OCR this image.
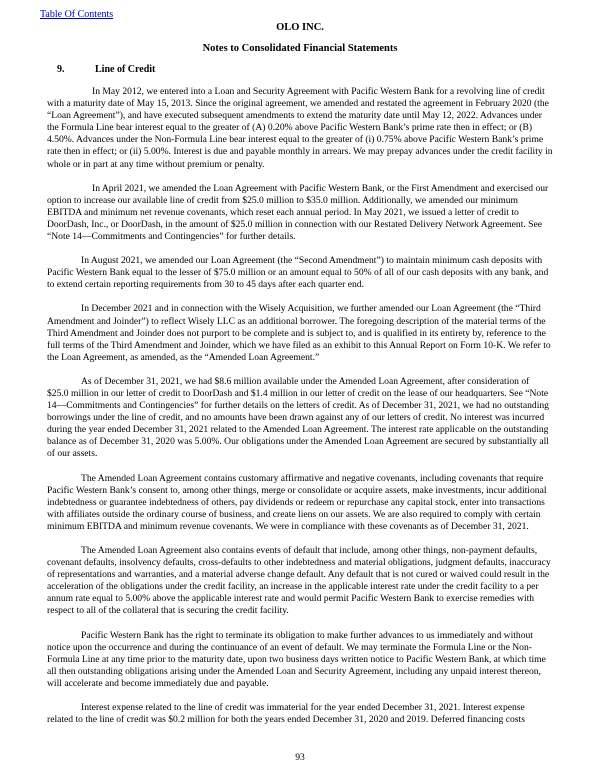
Table Of Contents
OLO INC.
Notes to Consolidated Financial Statements
9.	Line of Credit

In May 2012, we entered into a Loan and Security Agreement with Pacific Western Bank for a revolving line of credit with a maturity date of May 15, 2013. Since the original agreement, we amended and restated the agreement in February 2020 (the “Loan Agreement”), and have executed subsequent amendments to extend the maturity date until May 12, 2022. Advances under the Formula Line bear interest equal to the greater of (A) 0.20% above Pacific Western Bank’s prime rate then in effect; or (B) 4.50%. Advances under the Non-Formula Line bear interest equal to the greater of (i) 0.75% above Pacific Western Bank’s prime rate then in effect; or (ii) 5.00%. Interest is due and payable monthly in arrears. We may prepay advances under the credit facility in whole or in part at any time without premium or penalty.

In April 2021, we amended the Loan Agreement with Pacific Western Bank, or the First Amendment and exercised our option to increase our available line of credit from $25.0 million to $35.0 million. Additionally, we amended our minimum EBITDA and minimum net revenue covenants, which reset each annual period. In May 2021, we issued a letter of credit to DoorDash, Inc., or DoorDash, in the amount of $25.0 million in connection with our Restated Delivery Network Agreement. See “Note 14—Commitments and Contingencies” for further details.

In August 2021, we amended our Loan Agreement (the “Second Amendment”) to maintain minimum cash deposits with Pacific Western Bank equal to the lesser of $75.0 million or an amount equal to 50% of all of our cash deposits with any bank, and to extend certain reporting requirements from 30 to 45 days after each quarter end.

In December 2021 and in connection with the Wisely Acquisition, we further amended our Loan Agreement (the “Third Amendment and Joinder”) to reflect Wisely LLC as an additional borrower. The foregoing description of the material terms of the Third Amendment and Joinder does not purport to be complete and is subject to, and is qualified in its entirety by, reference to the full terms of the Third Amendment and Joinder, which we have filed as an exhibit to this Annual Report on Form 10-K. We refer to the Loan Agreement, as amended, as the “Amended Loan Agreement.”

As of December 31, 2021, we had $8.6 million available under the Amended Loan Agreement, after consideration of $25.0 million in our letter of credit to DoorDash and $1.4 million in our letter of credit on the lease of our headquarters. See “Note 14—Commitments and Contingencies” for further details on the letters of credit. As of December 31, 2021, we had no outstanding borrowings under the line of credit, and no amounts have been drawn against any of our letters of credit. No interest was incurred during the year ended December 31, 2021 related to the Amended Loan Agreement. The interest rate applicable on the outstanding balance as of December 31, 2020 was 5.00%. Our obligations under the Amended Loan Agreement are secured by substantially all of our assets.

The Amended Loan Agreement contains customary affirmative and negative covenants, including covenants that require Pacific Western Bank’s consent to, among other things, merge or consolidate or acquire assets, make investments, incur additional indebtedness or guarantee indebtedness of others, pay dividends or redeem or repurchase any capital stock, enter into transactions with affiliates outside the ordinary course of business, and create liens on our assets. We are also required to comply with certain minimum EBITDA and minimum revenue covenants. We were in compliance with these covenants as of December 31, 2021.

The Amended Loan Agreement also contains events of default that include, among other things, non-payment defaults, covenant defaults, insolvency defaults, cross-defaults to other indebtedness and material obligations, judgment defaults, inaccuracy of representations and warranties, and a material adverse change default. Any default that is not cured or waived could result in the acceleration of the obligations under the credit facility, an increase in the applicable interest rate under the credit facility to a per annum rate equal to 5.00% above the applicable interest rate and would permit Pacific Western Bank to exercise remedies with respect to all of the collateral that is securing the credit facility.

Pacific Western Bank has the right to terminate its obligation to make further advances to us immediately and without notice upon the occurrence and during the continuance of an event of default. We may terminate the Formula Line or the Non-Formula Line at any time prior to the maturity date, upon two business days written notice to Pacific Western Bank, at which time all then outstanding obligations arising under the Amended Loan and Security Agreement, including any unpaid interest thereon, will accelerate and become immediately due and payable.

Interest expense related to the line of credit was immaterial for the year ended December 31, 2021. Interest expense related to the line of credit was $0.2 million for both the years ended December 31, 2020 and 2019. Deferred financing costs

93
